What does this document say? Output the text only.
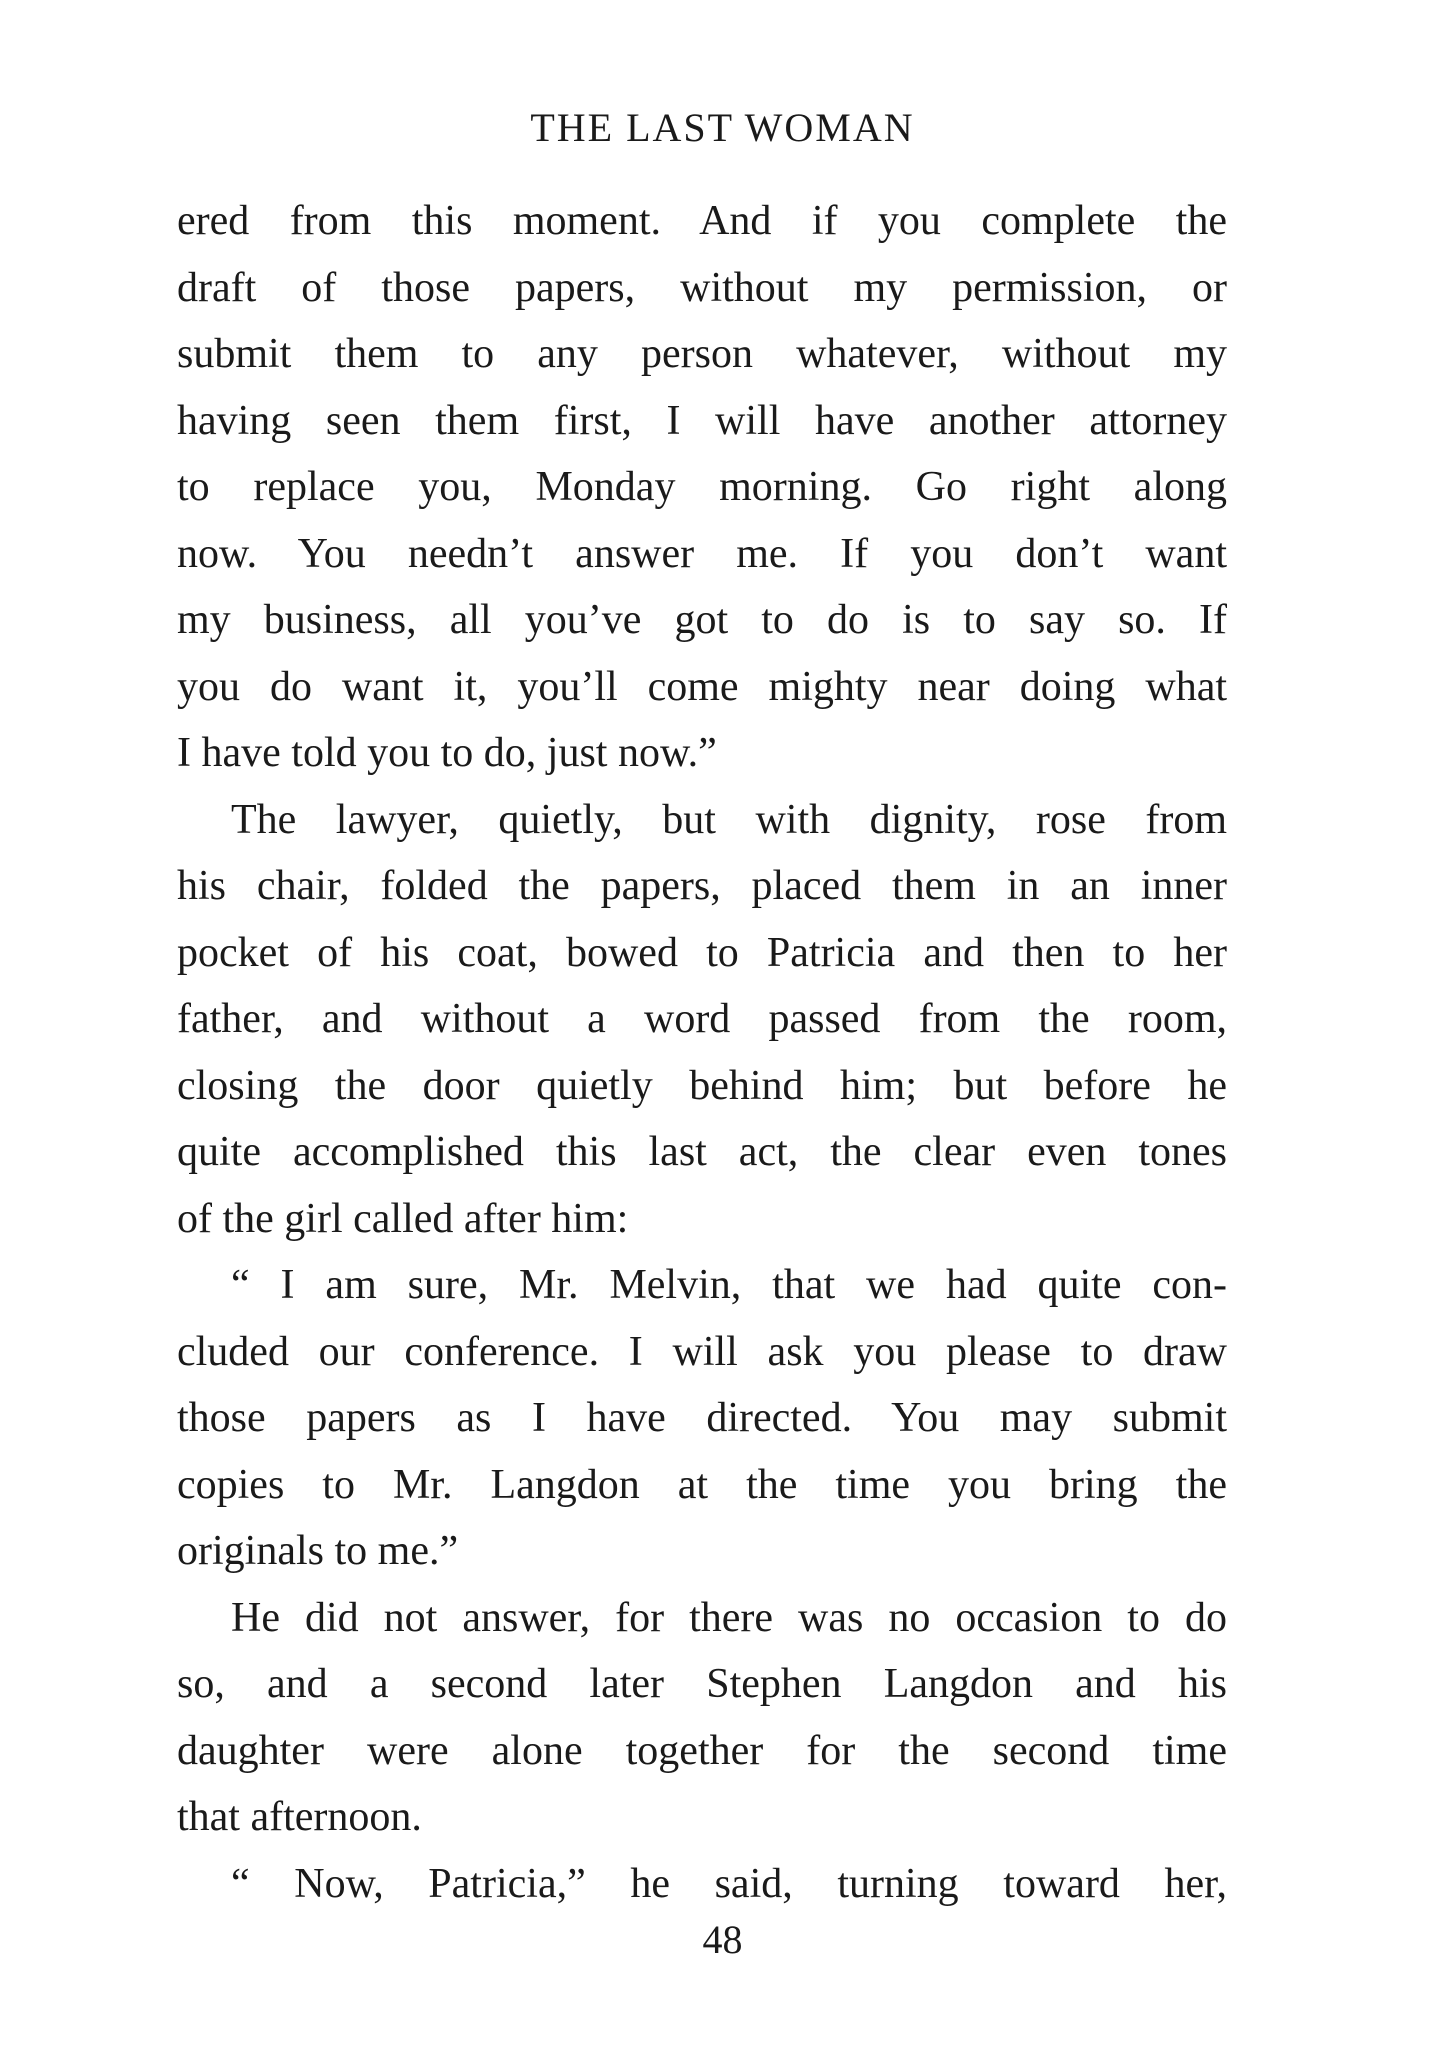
THE LAST WOMAN
ered from this moment. And if you complete the
draft of those papers, without my permission, or
submit them to any person whatever, without my
having seen them first, I will have another attorney
to replace you, Monday morning. Go right along
now. You needn’t answer me. If you don’t want
my business, all you’ve got to do is to say so. If
you do want it, you’ll come mighty near doing what
I have told you to do, just now.”
The lawyer, quietly, but with dignity, rose from
his chair, folded the papers, placed them in an inner
pocket of his coat, bowed to Patricia and then to her
father, and without a word passed from the room,
closing the door quietly behind him; but before he
quite accomplished this last act, the clear even tones
of the girl called after him:
“ I am sure, Mr. Melvin, that we had quite con-
cluded our conference. I will ask you please to draw
those papers as I have directed. You may submit
copies to Mr. Langdon at the time you bring the
originals to me.”
He did not answer, for there was no occasion to do
so, and a second later Stephen Langdon and his
daughter were alone together for the second time
that afternoon.
“ Now, Patricia,” he said, turning toward her,
48
